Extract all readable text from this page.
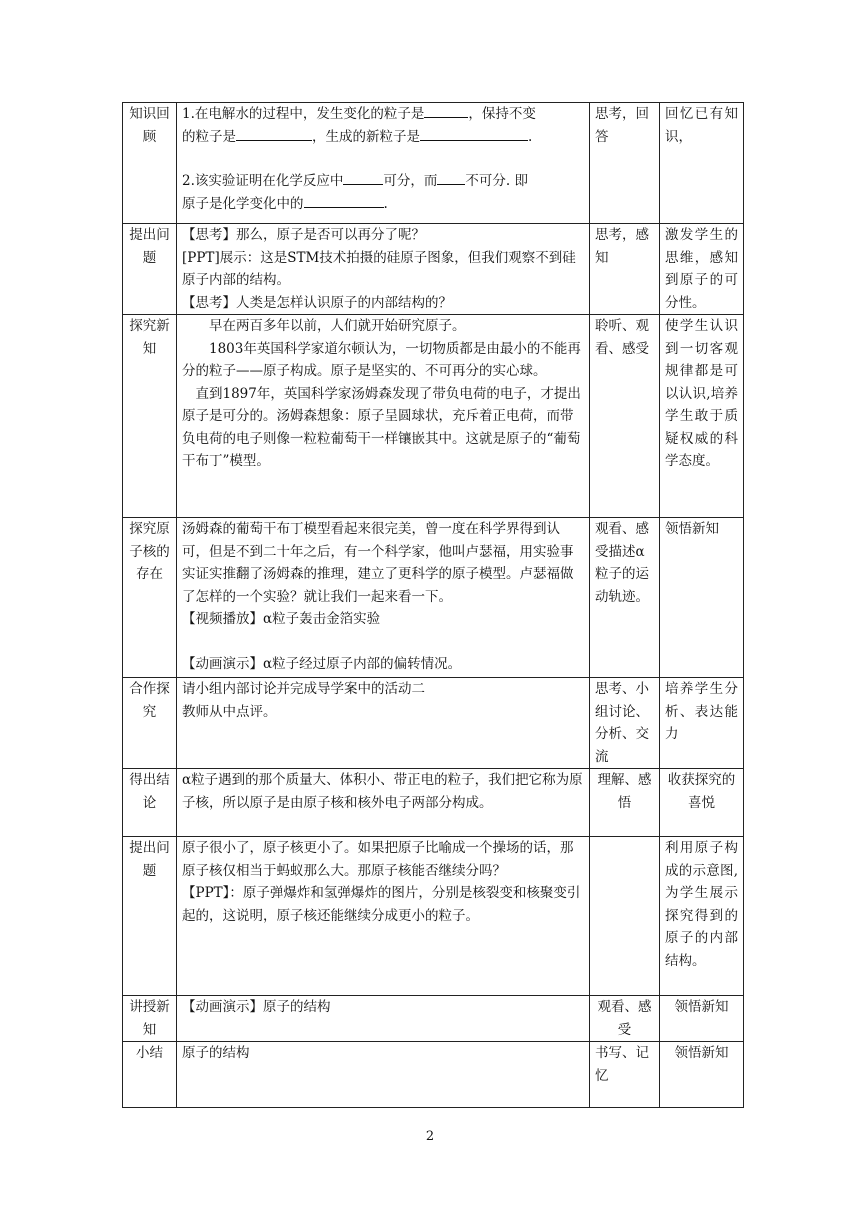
知识回顾	1.在电解水的过程中，发生变化的粒子是 ，保持不变

的粒子是 ，生成的新粒子是 .

2.该实验证明在化学反应中 可分，而 不可分. 即

原子是化学变化中的 .	思考，回答	回忆已有知识，
提出问题	【思考】那么，原子是否可以再分了呢？

[PPT]展示：这是STM技术拍摄的硅原子图象，但我们观察不到硅原子内部的结构。

【思考】人类是怎样认识原子的内部结构的？	思考，感知	激发学生的思维，感知到原子的可分性。
探究新知	早在两百多年以前，人们就开始研究原子。

1803年英国科学家道尔顿认为，一切物质都是由最小的不能再分的粒子——原子构成。原子是坚实的、不可再分的实心球。

直到1897年，英国科学家汤姆森发现了带负电荷的电子，才提出原子是可分的。汤姆森想象：原子呈圆球状，充斥着正电荷，而带负电荷的电子则像一粒粒葡萄干一样镶嵌其中。这就是原子的“葡萄干布丁”模型。	聆听、观看、感受	使学生认识到一切客观规律都是可以认识,培养学生敢于质疑权威的科学态度。
探究原子核的存在	汤姆森的葡萄干布丁模型看起来很完美，曾一度在科学界得到认可，但是不到二十年之后，有一个科学家，他叫卢瑟福，用实验事实证实推翻了汤姆森的推理，建立了更科学的原子模型。卢瑟福做了怎样的一个实验？就让我们一起来看一下。

【视频播放】α粒子轰击金箔实验

【动画演示】α粒子经过原子内部的偏转情况。	观看、感受描述α粒子的运动轨迹。	领悟新知
合作探究	请小组内部讨论并完成导学案中的活动二

教师从中点评。	思考、小组讨论、分析、交流	培养学生分析、表达能力
得出结论	α粒子遇到的那个质量大、体积小、带正电的粒子，我们把它称为原子核，所以原子是由原子核和核外电子两部分构成。	理解、感悟	收获探究的喜悦
提出问题	原子很小了，原子核更小了。如果把原子比喻成一个操场的话，那原子核仅相当于蚂蚁那么大。那原子核能否继续分吗？

【PPT】：原子弹爆炸和氢弹爆炸的图片，分别是核裂变和核聚变引起的，这说明，原子核还能继续分成更小的粒子。		利用原子构成的示意图,为学生展示探究得到的原子的内部结构。
讲授新知	【动画演示】原子的结构	观看、感受	领悟新知
小结	原子的结构	书写、记忆	领悟新知
2
